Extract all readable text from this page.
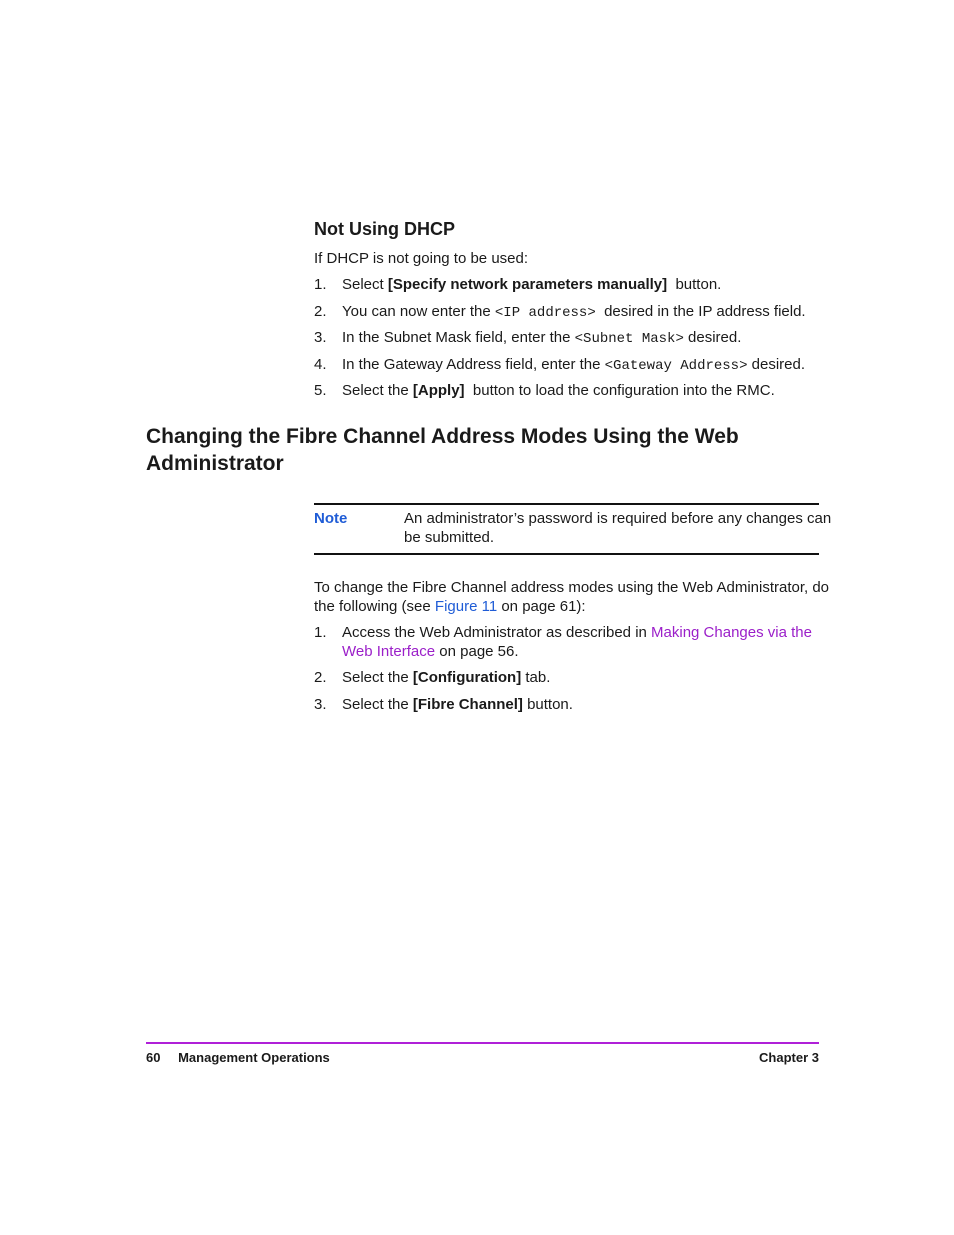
Not Using DHCP
If DHCP is not going to be used:
1. Select [Specify network parameters manually]  button.
2. You can now enter the <IP address>  desired in the IP address field.
3. In the Subnet Mask field, enter the <Subnet Mask> desired.
4. In the Gateway Address field, enter the <Gateway Address> desired.
5. Select the [Apply]  button to load the configuration into the RMC.
Changing the Fibre Channel Address Modes Using the Web
Administrator
Note	An administrator’s password is required before any changes can
be submitted.
To change the Fibre Channel address modes using the Web Administrator, do
the following (see Figure 11 on page 61):
1. Access the Web Administrator as described in Making Changes via the
Web Interface on page 56.
2. Select the [Configuration] tab.
3. Select the [Fibre Channel] button.
60 Management Operations	Chapter 3
